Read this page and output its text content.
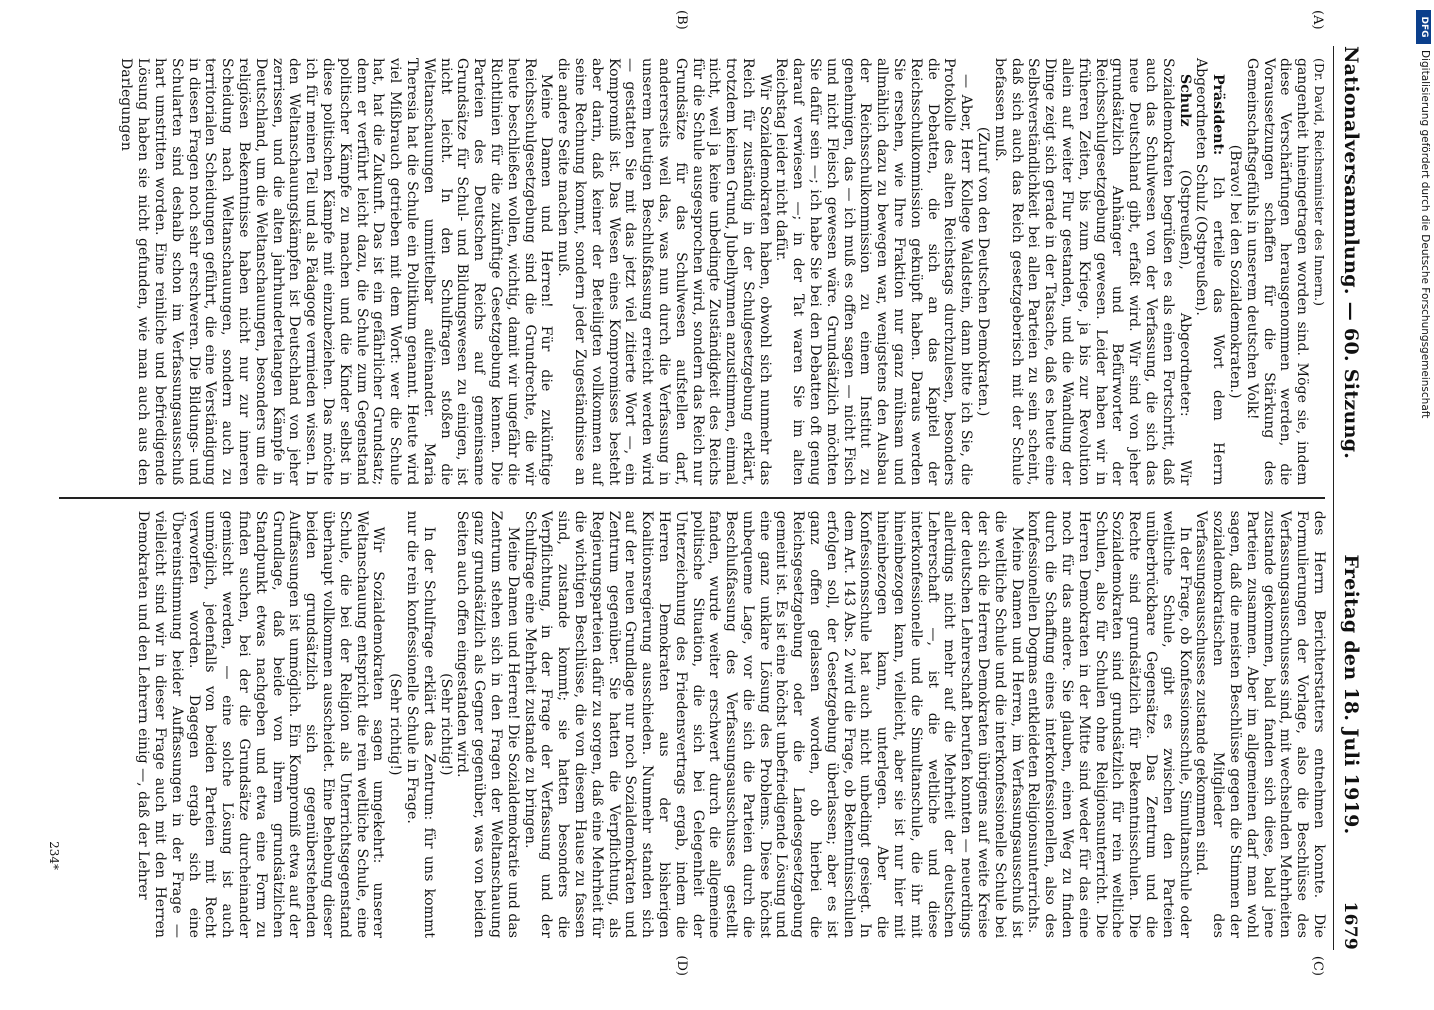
Nationalversammlung. — 60. Sitzung.
Freitag den 18. Juli 1919. 1679
(A)
(B)
(C)
(D)

(Dr. David, Reichsminister des Innern.)

gangenheit hineingetragen worden sind. Möge sie, indem diese Verschärfungen herausgenommen werden, die Voraussetzungen schaffen für die Stärkung des Gemeinschaftsgefühls in unserem deutschen Volk!

(Bravo! bei den Sozialdemokraten.)

Präsident: Ich erteile das Wort dem Herrn Abgeordneten Schulz (Ostpreußen).

Schulz (Ostpreußen), Abgeordneter: Wir Sozialdemokraten begrüßen es als einen Fortschritt, daß auch das Schulwesen von der Verfassung, die sich das neue Deutschland gibt, erfaßt wird. Wir sind von jeher grundsätzlich Anhänger und Befürworter der Reichsschulgesetzgebung gewesen. Leider haben wir in früheren Zeiten, bis zum Kriege, ja bis zur Revolution allein auf weiter Flur gestanden, und die Wandlung der Dinge zeigt sich gerade in der Tatsache, daß es heute eine Selbstverständlichkeit bei allen Parteien zu sein scheint, daß sich auch das Reich gesetzgeberisch mit der Schule befassen muß.

(Zuruf von den Deutschen Demokraten.)

— Aber, Herr Kollege Waldstein, dann bitte ich Sie, die Protokolle des alten Reichstags durchzulesen, besonders die Debatten, die sich an das Kapitel der Reichsschulkommission geknüpft haben. Daraus werden Sie ersehen, wie Ihre Fraktion nur ganz mühsam und allmählich dazu zu bewegen war, wenigstens den Ausbau der Reichsschulkommission zu einem Institut zu genehmigen, das — ich muß es offen sagen — nicht Fisch und nicht Fleisch gewesen wäre. Grundsätzlich möchten Sie dafür sein —; ich habe Sie bei den Debatten oft genug darauf verwiesen —; in der Tat waren Sie im alten Reichstag leider nicht dafür.

Wir Sozialdemokraten haben, obwohl sich nunmehr das Reich für zuständig in der Schulgesetzgebung erklärt, trotzdem keinen Grund, Jubelhymnen anzustimmen, einmal nicht, weil ja keine unbedingte Zuständigkeit des Reichs für die Schule ausgesprochen wird, sondern das Reich nur Grundsätze für das Schulwesen aufstellen darf, andererseits weil das, was nun durch die Verfassung in unserem heutigen Beschlußfassung erreicht werden wird — gestatten Sie mit das jetzt viel zitierte Wort —, ein Kompromiß ist. Das Wesen eines Kompromisses besteht aber darin, daß keiner der Beteiligten vollkommen auf seine Rechnung kommt, sondern jeder Zugeständnisse an die andere Seite machen muß.

Meine Damen und Herren! Für die zukünftige Reichsschulgesetzgebung sind die Grundrechte, die wir heute beschließen wollen, wichtig, damit wir ungefähr die Richtlinien für die zukünftige Gesetzgebung kennen. Die Parteien des Deutschen Reichs auf gemeinsame Grundsätze für Schul- und Bildungswesen zu einigen, ist nicht leicht. In den Schulfragen stoßen die Weltanschauungen unmittelbar aufeinander. Maria Theresia hat die Schule ein Politikum genannt. Heute wird viel Mißbrauch getrieben mit dem Wort: wer die Schule hat, hat die Zukunft. Das ist ein gefährlicher Grundsatz; denn er verführt leicht dazu, die Schule zum Gegenstand politischer Kämpfe zu machen und die Kinder selbst in diese politischen Kämpfe mit einzubeziehen. Das möchte ich für meinen Teil und als Pädagoge vermieden wissen. In den Weltanschauungskämpfen ist Deutschland von jeher zerrissen, und die alten jahrhundertelangen Kämpfe in Deutschland, um die Weltanschauungen, besonders um die religiösen Bekenntnisse haben nicht nur zur inneren Scheidung nach Weltanschauungen, sondern auch zu territorialen Scheidungen geführt, die eine Verständigung in diesen Fragen noch sehr erschweren. Die Bildungs- und Schularten sind deshalb schon im Verfassungsausschuß hart umstritten worden. Eine reinliche und befriedigende Lösung haben sie nicht gefunden, wie man auch aus den Darlegungen

des Herrn Berichterstatters entnehmen konnte. Die Formulierungen der Vorlage, also die Beschlüsse des Verfassungsausschusses sind, mit wechselnden Mehrheiten zustande gekommen, bald fanden sich diese, bald jene Parteien zusammen. Aber im allgemeinen darf man wohl sagen, daß die meisten Beschlüsse gegen die Stimmen der sozialdemokratischen Mitglieder des Verfassungsausschusses zustande gekommen sind.

In der Frage, ob Konfessionsschule, Simultanschule oder weltliche Schule, gibt es zwischen den Parteien unüberbrückbare Gegensätze. Das Zentrum und die Rechte sind grundsätzlich für Bekenntnisschulen. Die Sozialdemokraten sind grundsätzlich für rein weltliche Schulen, also für Schulen ohne Religionsunterricht. Die Herren Demokraten in der Mitte sind weder für das eine noch für das andere. Sie glauben, einen Weg zu finden durch die Schaffung eines interkonfessionellen, also des konfessionellen Dogmas entkleideten Religionsunterrichts.

Meine Damen und Herren, im Verfassungsausschuß ist die weltliche Schule und die interkonfessionelle Schule bei der sich die Herren Demokraten übrigens auf weite Kreise der deutschen Lehrerschaft berufen konnten — neuerdings allerdings nicht mehr auf die Mehrheit der deutschen Lehrerschaft —, ist die weltliche und diese interkonfessionelle und die Simultanschule, die ihr mit hineinbezogen kann, vielleicht, aber sie ist nur hier mit hineinbezogen kann, unterlegen. Aber die Konfessionsschule hat auch nicht unbedingt gesiegt. In dem Art. 143 Abs. 2 wird die Frage, ob Bekenntnisschulen erfolgen soll, der Gesetzgebung überlassen; aber es ist ganz offen gelassen worden, ob hierbei die Reichsgesetzgebung oder die Landesgesetzgebung gemeint ist. Es ist eine höchst unbefriedigende Lösung und eine ganz unklare Lösung des Problems. Diese höchst unbequeme Lage, vor die sich die Parteien durch die Beschlußfassung des Verfassungsausschusses gestellt fanden, wurde weiter erschwert durch die allgemeine politische Situation, die sich bei Gelegenheit der Unterzeichnung des Friedensvertrags ergab, indem die Herren Demokraten aus der bisherigen Koalitionsregierung ausschieden. Nunmehr standen sich auf der neuen Grundlage nur noch Sozialdemokraten und Zentrum gegenüber. Sie hatten die Verpflichtung, als Regierungsparteien dafür zu sorgen, daß eine Mehrheit für die wichtigen Beschlüsse, die von diesem Hause zu fassen sind, zustande kommt; sie hatten besonders die Verpflichtung, in der Frage der Verfassung und der Schulfrage eine Mehrheit zustande zu bringen.

Meine Damen und Herren! Die Sozialdemokratie und das Zentrum stehen sich in den Fragen der Weltanschauung ganz grundsätzlich als Gegner gegenüber, was von beiden Seiten auch offen eingestanden wird.

(Sehr richtig!)

In der Schulfrage erklärt das Zentrum: für uns kommt nur die rein konfessionelle Schule in Frage.

(Sehr richtig!)

Wir Sozialdemokraten sagen umgekehrt: unserer Weltanschauung entspricht die rein weltliche Schule, eine Schule, die bei der Religion als Unterrichtsgegenstand überhaupt vollkommen ausscheidet. Eine Behebung dieser beiden grundsätzlich sich gegenüberstehenden Auffassungen ist unmöglich. Ein Kompromiß etwa auf der Grundlage, daß beide von ihrem grundsätzlichen Standpunkt etwas nachgeben und etwa eine Form zu finden suchen, bei der die Grundsätze durcheinander gemischt werden, — eine solche Lösung ist auch unmöglich, jedenfalls von beiden Parteien mit Recht verworfen worden. Dagegen ergab sich eine Übereinstimmung beider Auffassungen in der Frage — vielleicht sind wir in dieser Frage auch mit den Herren Demokraten und den Lehrern einig —, daß der Lehrer

234*
DFG
Digitalisierung gefördert durch die Deutsche Forschungsgemeinschaft
